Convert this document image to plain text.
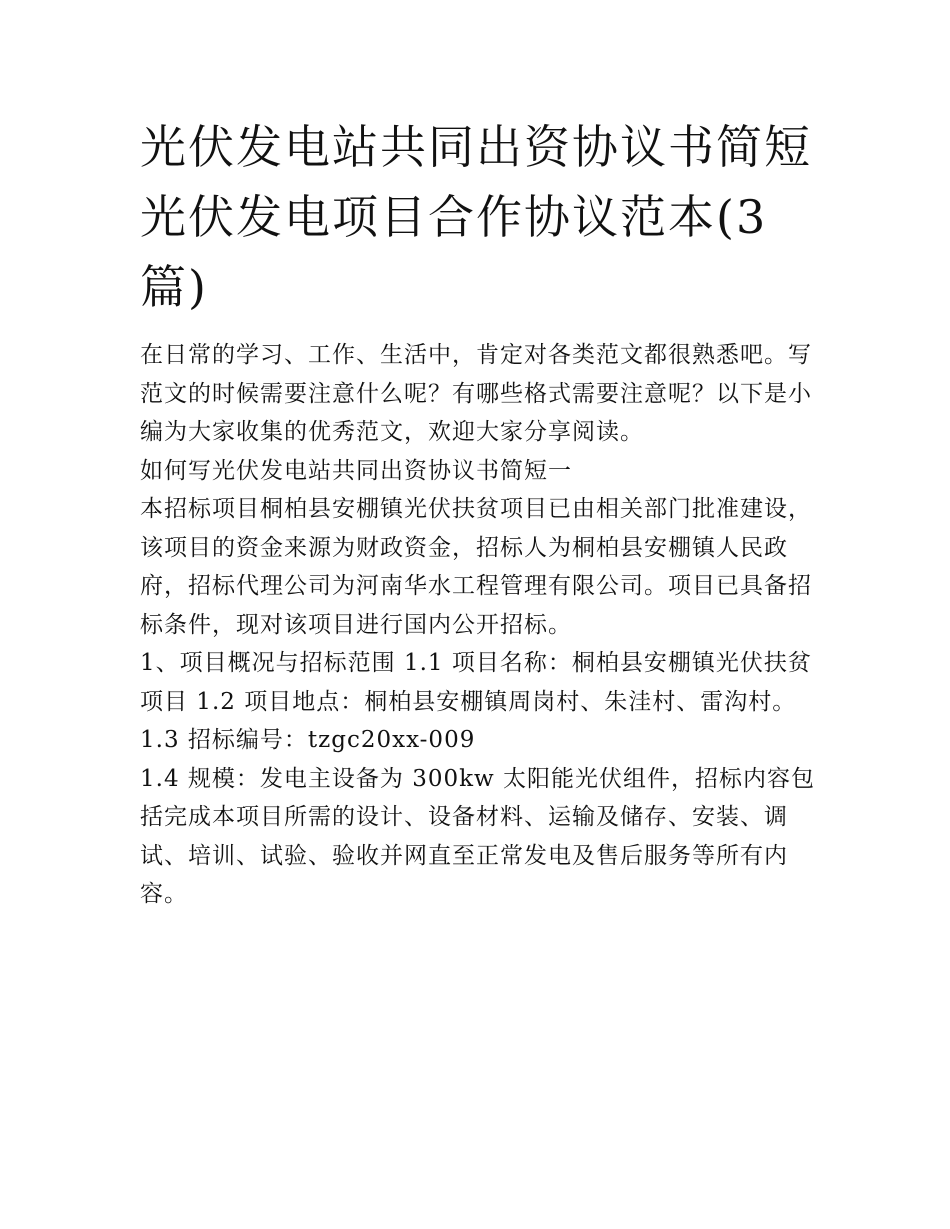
光伏发电站共同出资协议书简短 光伏发电项目合作协议范本(3篇)

在日常的学习、工作、生活中，肯定对各类范文都很熟悉吧。写范文的时候需要注意什么呢？有哪些格式需要注意呢？以下是小编为大家收集的优秀范文，欢迎大家分享阅读。

如何写光伏发电站共同出资协议书简短一

本招标项目桐柏县安棚镇光伏扶贫项目已由相关部门批准建设，该项目的资金来源为财政资金，招标人为桐柏县安棚镇人民政府，招标代理公司为河南华水工程管理有限公司。项目已具备招标条件，现对该项目进行国内公开招标。

1、项目概况与招标范围 1.1 项目名称：桐柏县安棚镇光伏扶贫项目 1.2 项目地点：桐柏县安棚镇周岗村、朱洼村、雷沟村。

1.3 招标编号：tzgc20xx-009

1.4 规模：发电主设备为 300kw 太阳能光伏组件，招标内容包括完成本项目所需的设计、设备材料、运输及储存、安装、调试、培训、试验、验收并网直至正常发电及售后服务等所有内容。
